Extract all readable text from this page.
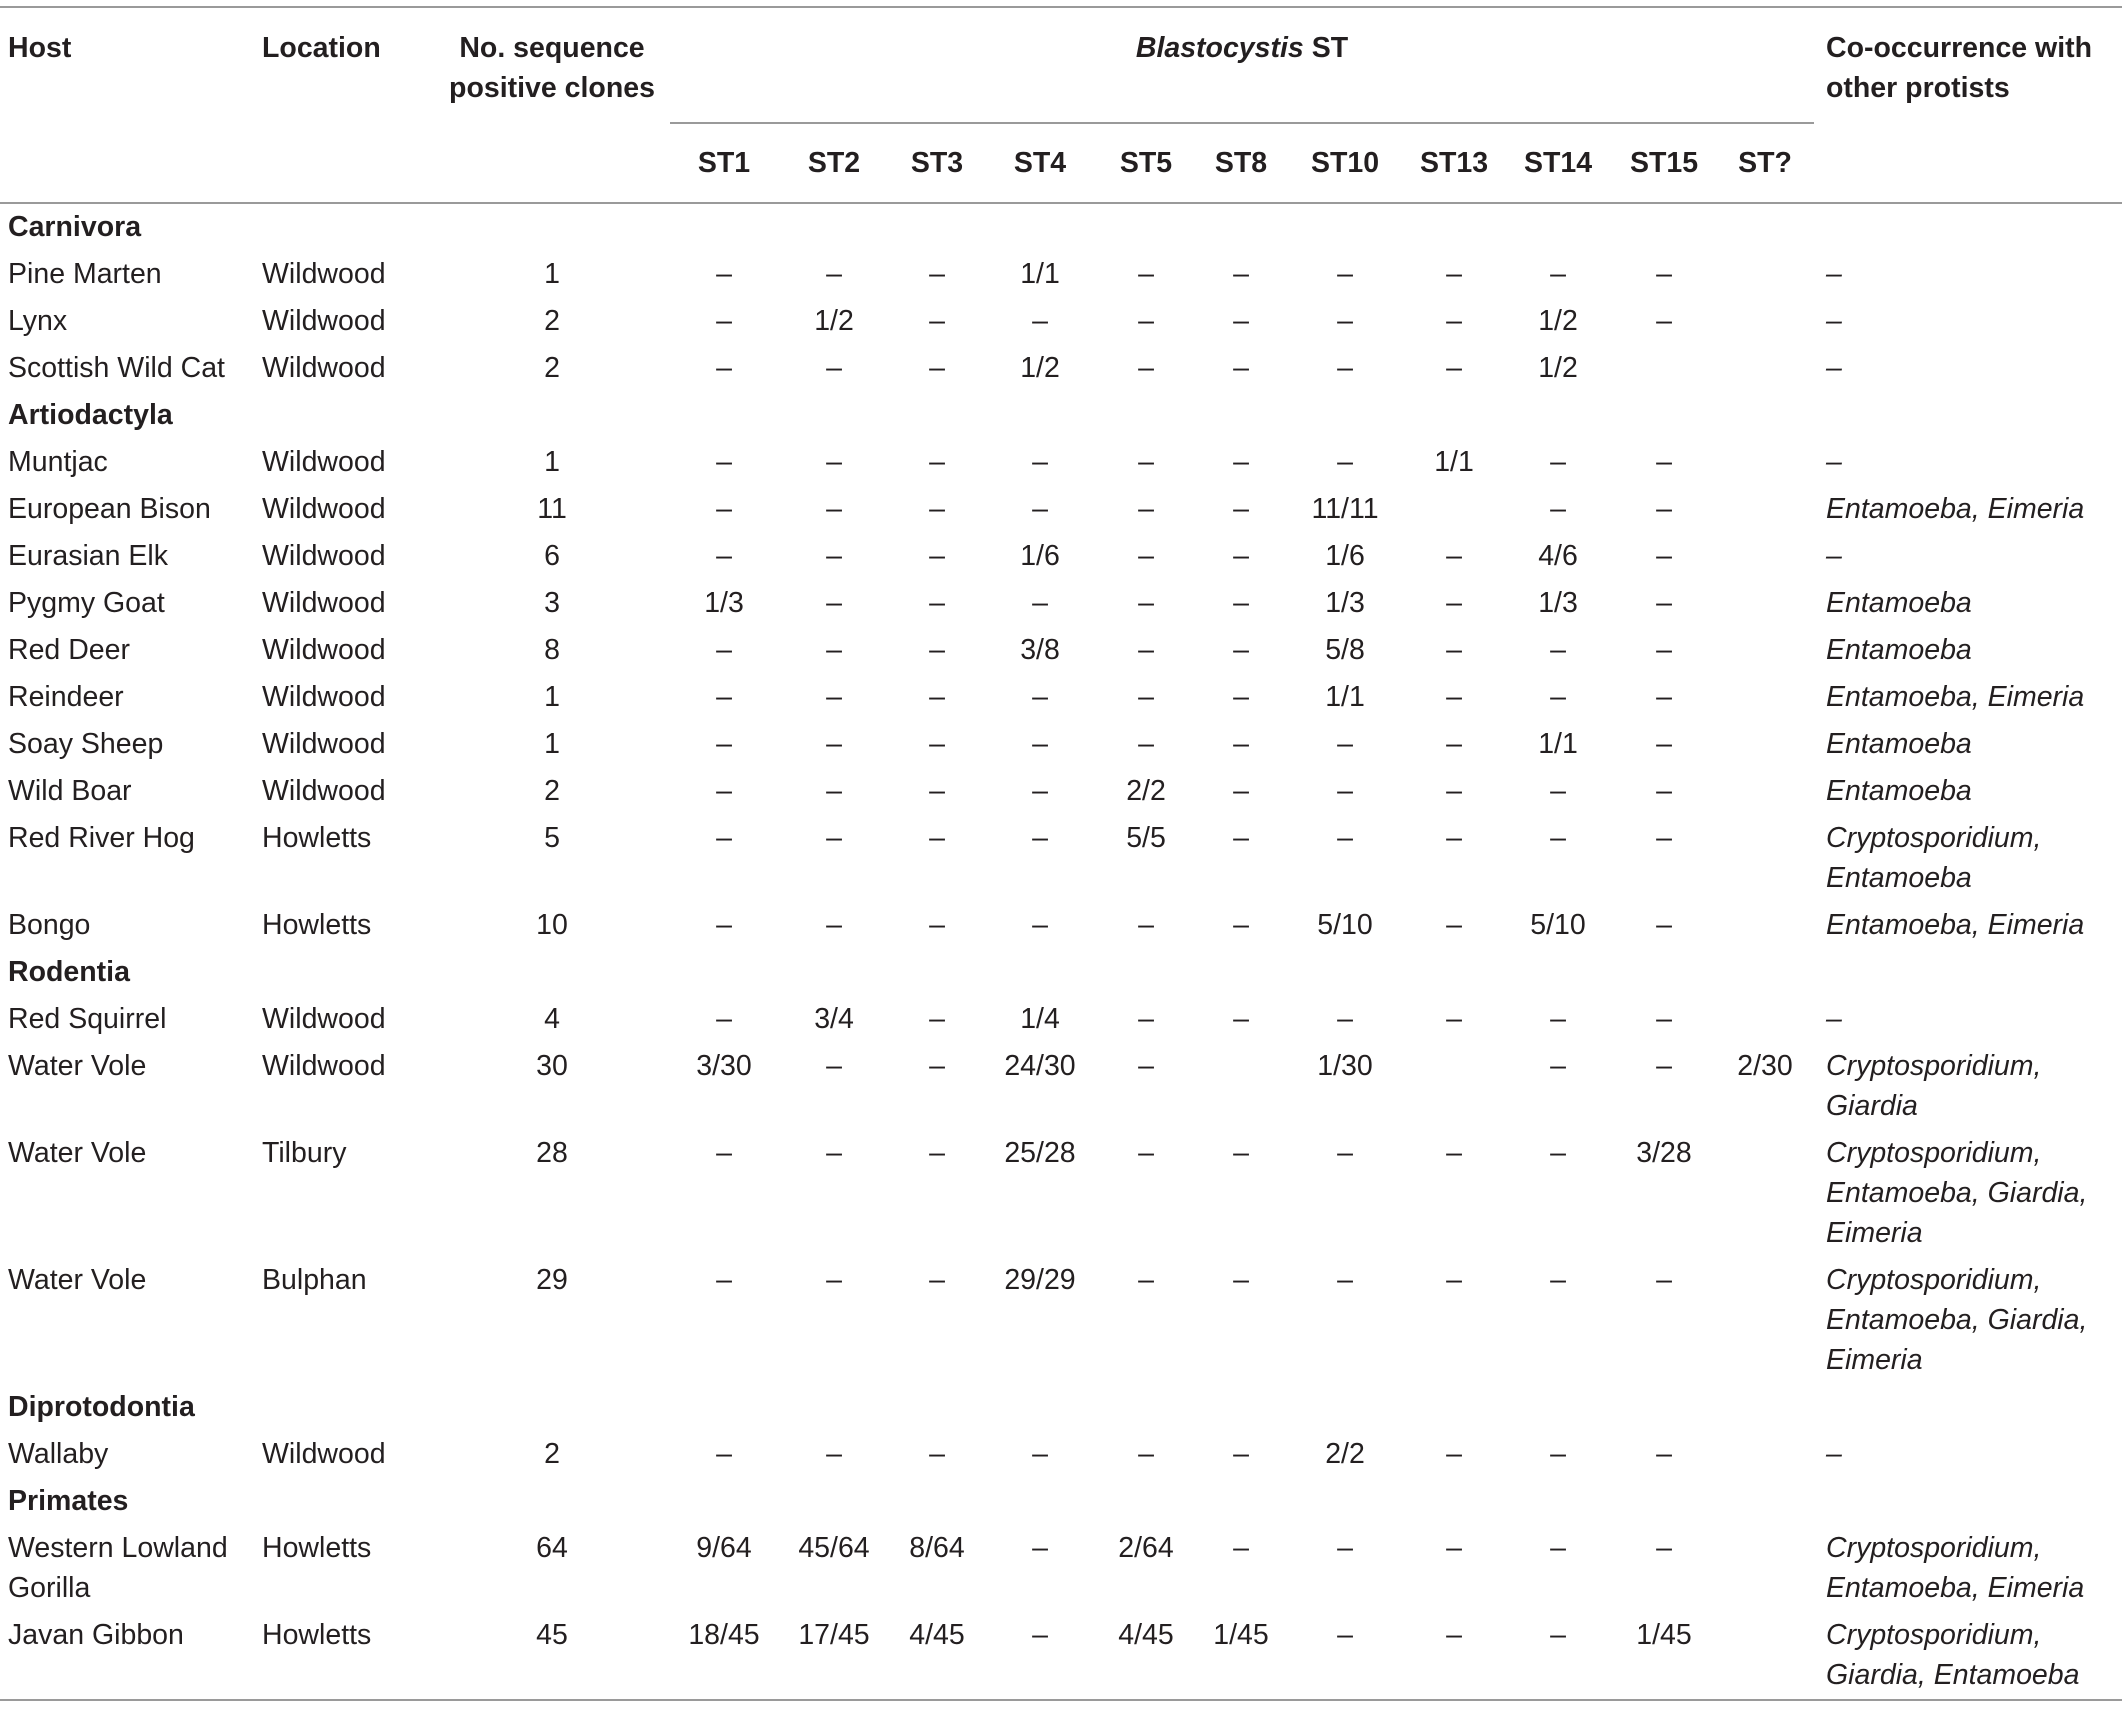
Host	Location	No. sequence
positive clones	Blastocystis ST											Co-occurrence with
other protists
			ST1	ST2	ST3	ST4	ST5	ST8	ST10	ST13	ST14	ST15	ST?	

Carnivora														
Pine Marten	Wildwood	1	–	–	–	1/1	–	–	–	–	–	–		–
Lynx	Wildwood	2	–	1/2	–	–	–	–	–	–	1/2	–		–
Scottish Wild Cat	Wildwood	2	–	–	–	1/2	–	–	–	–	1/2			–
Artiodactyla														
Muntjac	Wildwood	1	–	–	–	–	–	–	–	1/1	–	–		–
European Bison	Wildwood	11	–	–	–	–	–	–	11/11		–	–		Entamoeba, Eimeria
Eurasian Elk	Wildwood	6	–	–	–	1/6	–	–	1/6	–	4/6	–		–
Pygmy Goat	Wildwood	3	1/3	–	–	–	–	–	1/3	–	1/3	–		Entamoeba
Red Deer	Wildwood	8	–	–	–	3/8	–	–	5/8	–	–	–		Entamoeba
Reindeer	Wildwood	1	–	–	–	–	–	–	1/1	–	–	–		Entamoeba, Eimeria
Soay Sheep	Wildwood	1	–	–	–	–	–	–	–	–	1/1	–		Entamoeba
Wild Boar	Wildwood	2	–	–	–	–	2/2	–	–	–	–	–		Entamoeba
Red River Hog	Howletts	5	–	–	–	–	5/5	–	–	–	–	–		Cryptosporidium, Entamoeba
Bongo	Howletts	10	–	–	–	–	–	–	5/10	–	5/10	–		Entamoeba, Eimeria
Rodentia														
Red Squirrel	Wildwood	4	–	3/4	–	1/4	–	–	–	–	–	–		–
Water Vole	Wildwood	30	3/30	–	–	24/30	–		1/30		–	–	2/30	Cryptosporidium, Giardia
Water Vole	Tilbury	28	–	–	–	25/28	–	–	–	–	–	3/28		Cryptosporidium, Entamoeba, Giardia, Eimeria
Water Vole	Bulphan	29	–	–	–	29/29	–	–	–	–	–	–		Cryptosporidium, Entamoeba, Giardia, Eimeria
Diprotodontia														
Wallaby	Wildwood	2	–	–	–	–	–	–	2/2	–	–	–		–
Primates														
Western Lowland Gorilla	Howletts	64	9/64	45/64	8/64	–	2/64	–	–	–	–	–		Cryptosporidium, Entamoeba, Eimeria
Javan Gibbon	Howletts	45	18/45	17/45	4/45	–	4/45	1/45	–	–	–	1/45		Cryptosporidium, Giardia, Entamoeba
